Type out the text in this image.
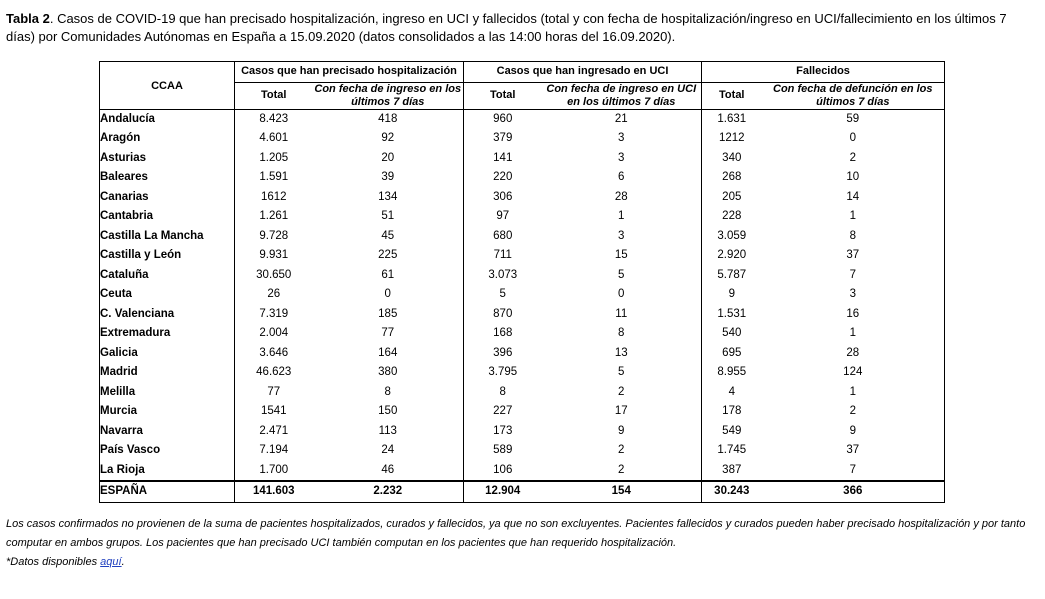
Tabla 2. Casos de COVID-19 que han precisado hospitalización, ingreso en UCI y fallecidos (total y con fecha de hospitalización/ingreso en UCI/fallecimiento en los últimos 7 días) por Comunidades Autónomas en España a 15.09.2020 (datos consolidados a las 14:00 horas del 16.09.2020).
CCAA	Casos que han precisado hospitalización		Casos que han ingresado en UCI		Fallecidos	
	Total	Con fecha de ingreso en los últimos 7 días	Total	Con fecha de ingreso en UCI en los últimos 7 días	Total	Con fecha de defunción en los últimos 7 días
Andalucía	8.423	418	960	21	1.631	59
Aragón	4.601	92	379	3	1212	0
Asturias	1.205	20	141	3	340	2
Baleares	1.591	39	220	6	268	10
Canarias	1612	134	306	28	205	14
Cantabria	1.261	51	97	1	228	1
Castilla La Mancha	9.728	45	680	3	3.059	8
Castilla y León	9.931	225	711	15	2.920	37
Cataluña	30.650	61	3.073	5	5.787	7
Ceuta	26	0	5	0	9	3
C. Valenciana	7.319	185	870	11	1.531	16
Extremadura	2.004	77	168	8	540	1
Galicia	3.646	164	396	13	695	28
Madrid	46.623	380	3.795	5	8.955	124
Melilla	77	8	8	2	4	1
Murcia	1541	150	227	17	178	2
Navarra	2.471	113	173	9	549	9
País Vasco	7.194	24	589	2	1.745	37
La Rioja	1.700	46	106	2	387	7
ESPAÑA	141.603	2.232	12.904	154	30.243	366
Los casos confirmados no provienen de la suma de pacientes hospitalizados, curados y fallecidos, ya que no son excluyentes. Pacientes fallecidos y curados pueden haber precisado hospitalización y por tanto computar en ambos grupos. Los pacientes que han precisado UCI también computan en los pacientes que han requerido hospitalización.
*Datos disponibles aquí.
